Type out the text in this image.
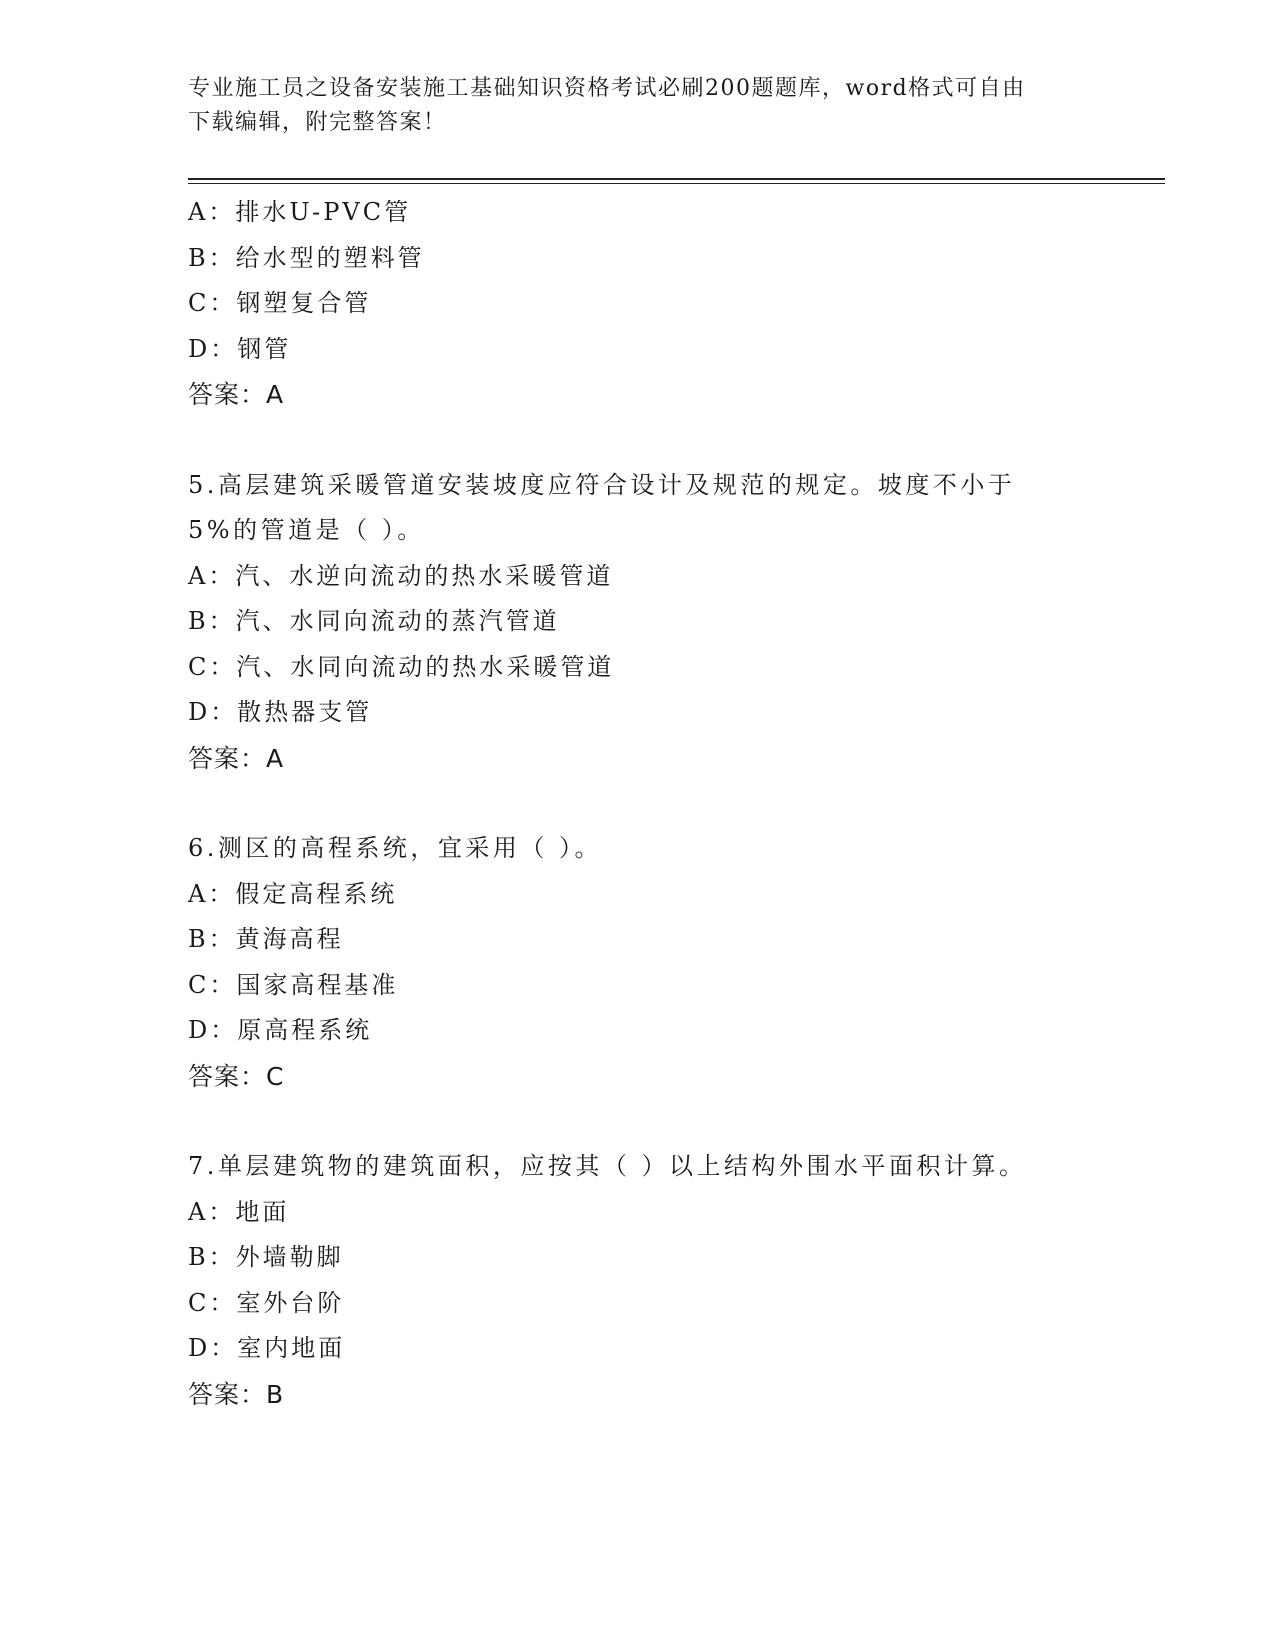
专业施工员之设备安装施工基础知识资格考试必刷200题题库，word格式可自由
下载编辑，附完整答案！
A：排水U-PVC管
B：给水型的塑料管
C：钢塑复合管
D：钢管
答案：A
5.高层建筑采暖管道安装坡度应符合设计及规范的规定。坡度不小于
5%的管道是（ ）。
A：汽、水逆向流动的热水采暖管道
B：汽、水同向流动的蒸汽管道
C：汽、水同向流动的热水采暖管道
D：散热器支管
答案：A
6.测区的高程系统，宜采用（ ）。
A：假定高程系统
B：黄海高程
C：国家高程基准
D：原高程系统
答案：C
7.单层建筑物的建筑面积，应按其（ ）以上结构外围水平面积计算。
A：地面
B：外墙勒脚
C：室外台阶
D：室内地面
答案：B
